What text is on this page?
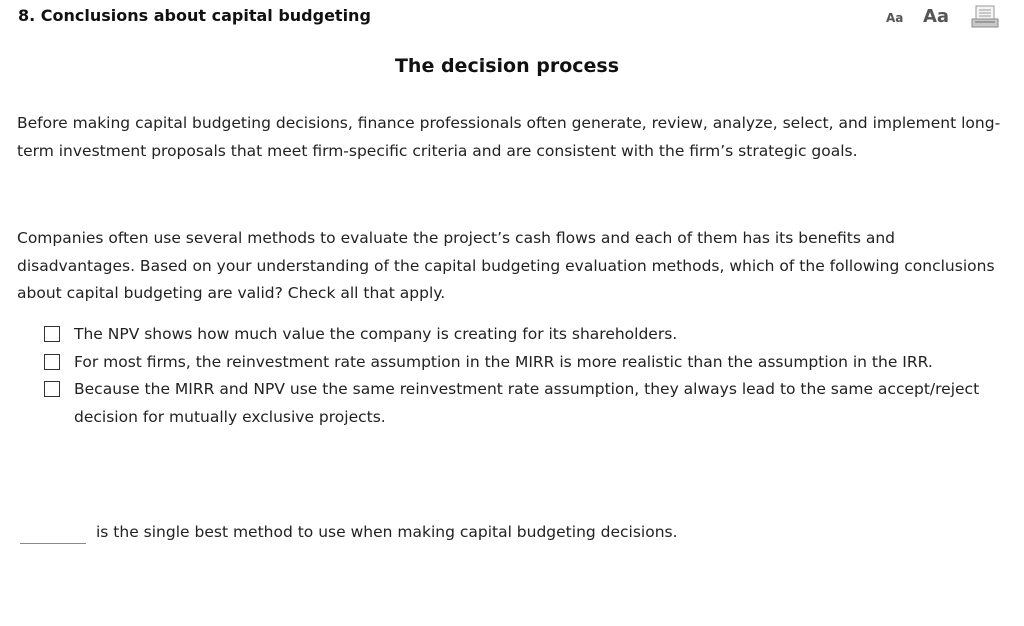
8. Conclusions about capital budgeting	Aa Aa
The decision process

Before making capital budgeting decisions, finance professionals often generate, review, analyze, select, and implement long-term investment proposals that meet firm-specific criteria and are consistent with the firm’s strategic goals.

Companies often use several methods to evaluate the project’s cash flows and each of them has its benefits and disadvantages. Based on your understanding of the capital budgeting evaluation methods, which of the following conclusions about capital budgeting are valid? Check all that apply.

The NPV shows how much value the company is creating for its shareholders.
For most firms, the reinvestment rate assumption in the MIRR is more realistic than the assumption in the IRR.
Because the MIRR and NPV use the same reinvestment rate assumption, they always lead to the same accept/reject decision for mutually exclusive projects.
is the single best method to use when making capital budgeting decisions.
